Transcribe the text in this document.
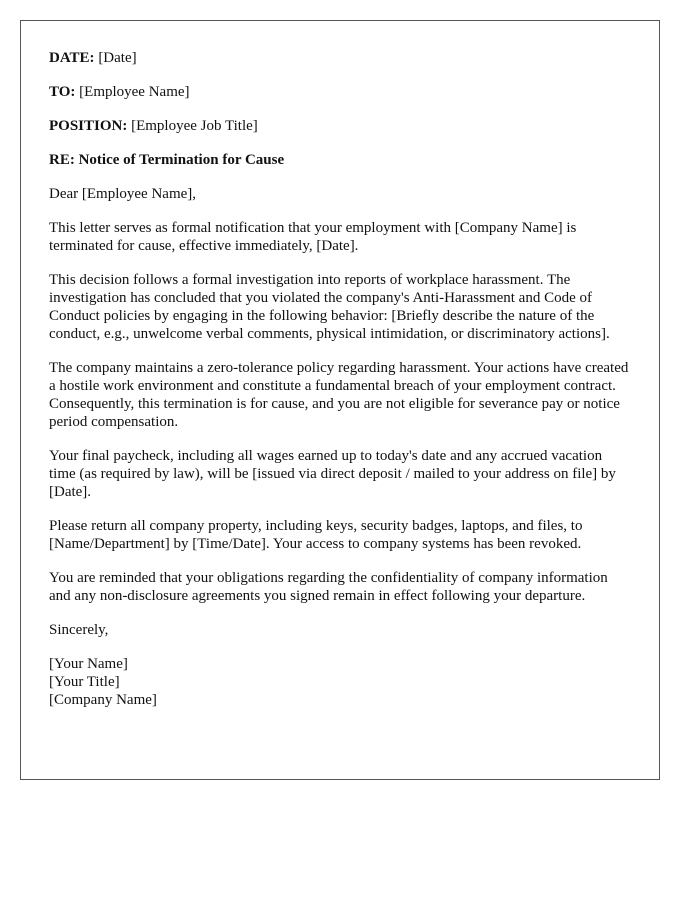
DATE: [Date]
TO: [Employee Name]
POSITION: [Employee Job Title]
RE: Notice of Termination for Cause

Dear [Employee Name],

This letter serves as formal notification that your employment with [Company Name] is terminated for cause, effective immediately, [Date].

This decision follows a formal investigation into reports of workplace harassment. The investigation has concluded that you violated the company's Anti-Harassment and Code of Conduct policies by engaging in the following behavior: [Briefly describe the nature of the conduct, e.g., unwelcome verbal comments, physical intimidation, or discriminatory actions].

The company maintains a zero-tolerance policy regarding harassment. Your actions have created a hostile work environment and constitute a fundamental breach of your employment contract. Consequently, this termination is for cause, and you are not eligible for severance pay or notice period compensation.

Your final paycheck, including all wages earned up to today's date and any accrued vacation time (as required by law), will be [issued via direct deposit / mailed to your address on file] by [Date].

Please return all company property, including keys, security badges, laptops, and files, to [Name/Department] by [Time/Date]. Your access to company systems has been revoked.

You are reminded that your obligations regarding the confidentiality of company information and any non-disclosure agreements you signed remain in effect following your departure.

Sincerely,

[Your Name]
[Your Title]
[Company Name]
